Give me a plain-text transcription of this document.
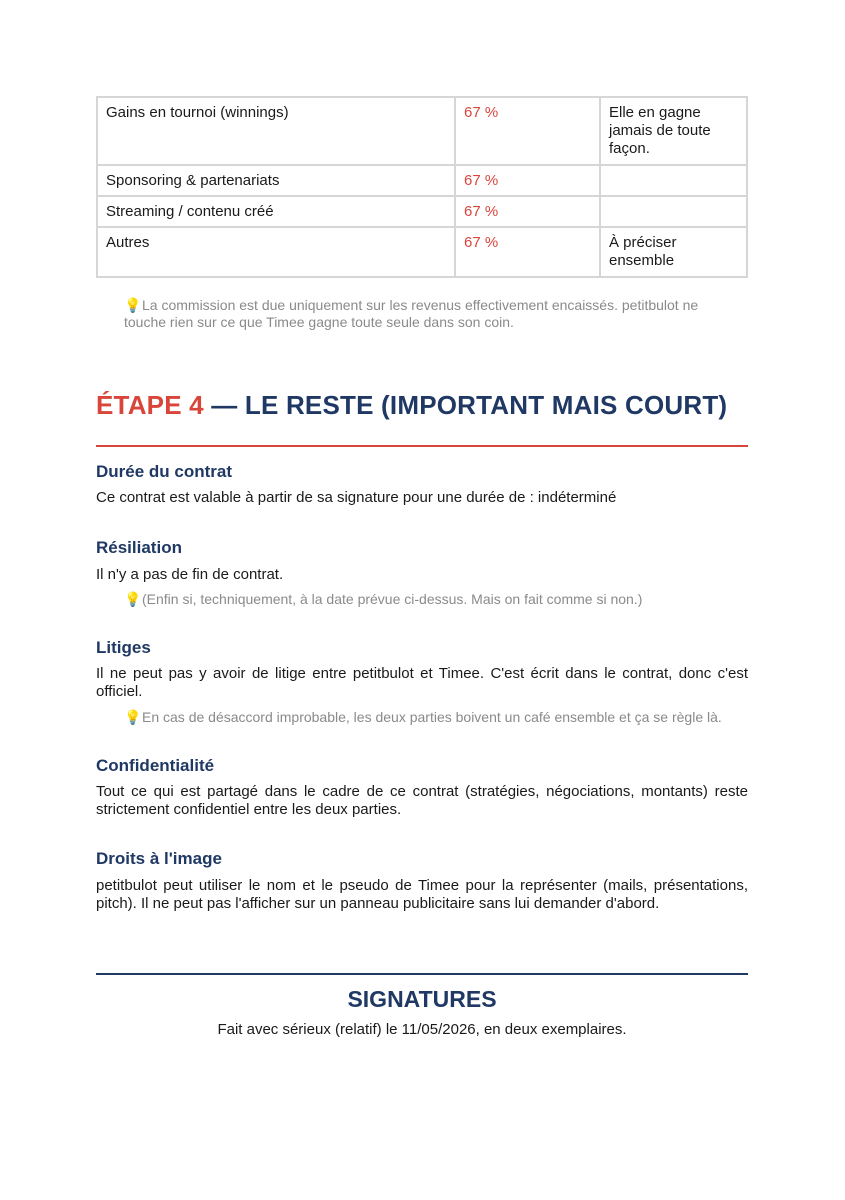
Gains en tournoi (winnings)	67 %	Elle en gagne jamais de toute façon.
Sponsoring & partenariats	67 %	
Streaming / contenu créé	67 %	
Autres	67 %	À préciser ensemble
💡La commission est due uniquement sur les revenus effectivement encaissés. petitbulot ne touche rien sur ce que Timee gagne toute seule dans son coin.
ÉTAPE 4 — LE RESTE (IMPORTANT MAIS COURT)
Durée du contrat
Ce contrat est valable à partir de sa signature pour une durée de : indéterminé
Résiliation
Il n'y a pas de fin de contrat.
💡(Enfin si, techniquement, à la date prévue ci-dessus. Mais on fait comme si non.)
Litiges
Il ne peut pas y avoir de litige entre petitbulot et Timee. C'est écrit dans le contrat, donc c'est officiel.
💡En cas de désaccord improbable, les deux parties boivent un café ensemble et ça se règle là.
Confidentialité
Tout ce qui est partagé dans le cadre de ce contrat (stratégies, négociations, montants) reste strictement confidentiel entre les deux parties.
Droits à l'image
petitbulot peut utiliser le nom et le pseudo de Timee pour la représenter (mails, présentations, pitch). Il ne peut pas l'afficher sur un panneau publicitaire sans lui demander d'abord.
SIGNATURES
Fait avec sérieux (relatif) le 11/05/2026, en deux exemplaires.
